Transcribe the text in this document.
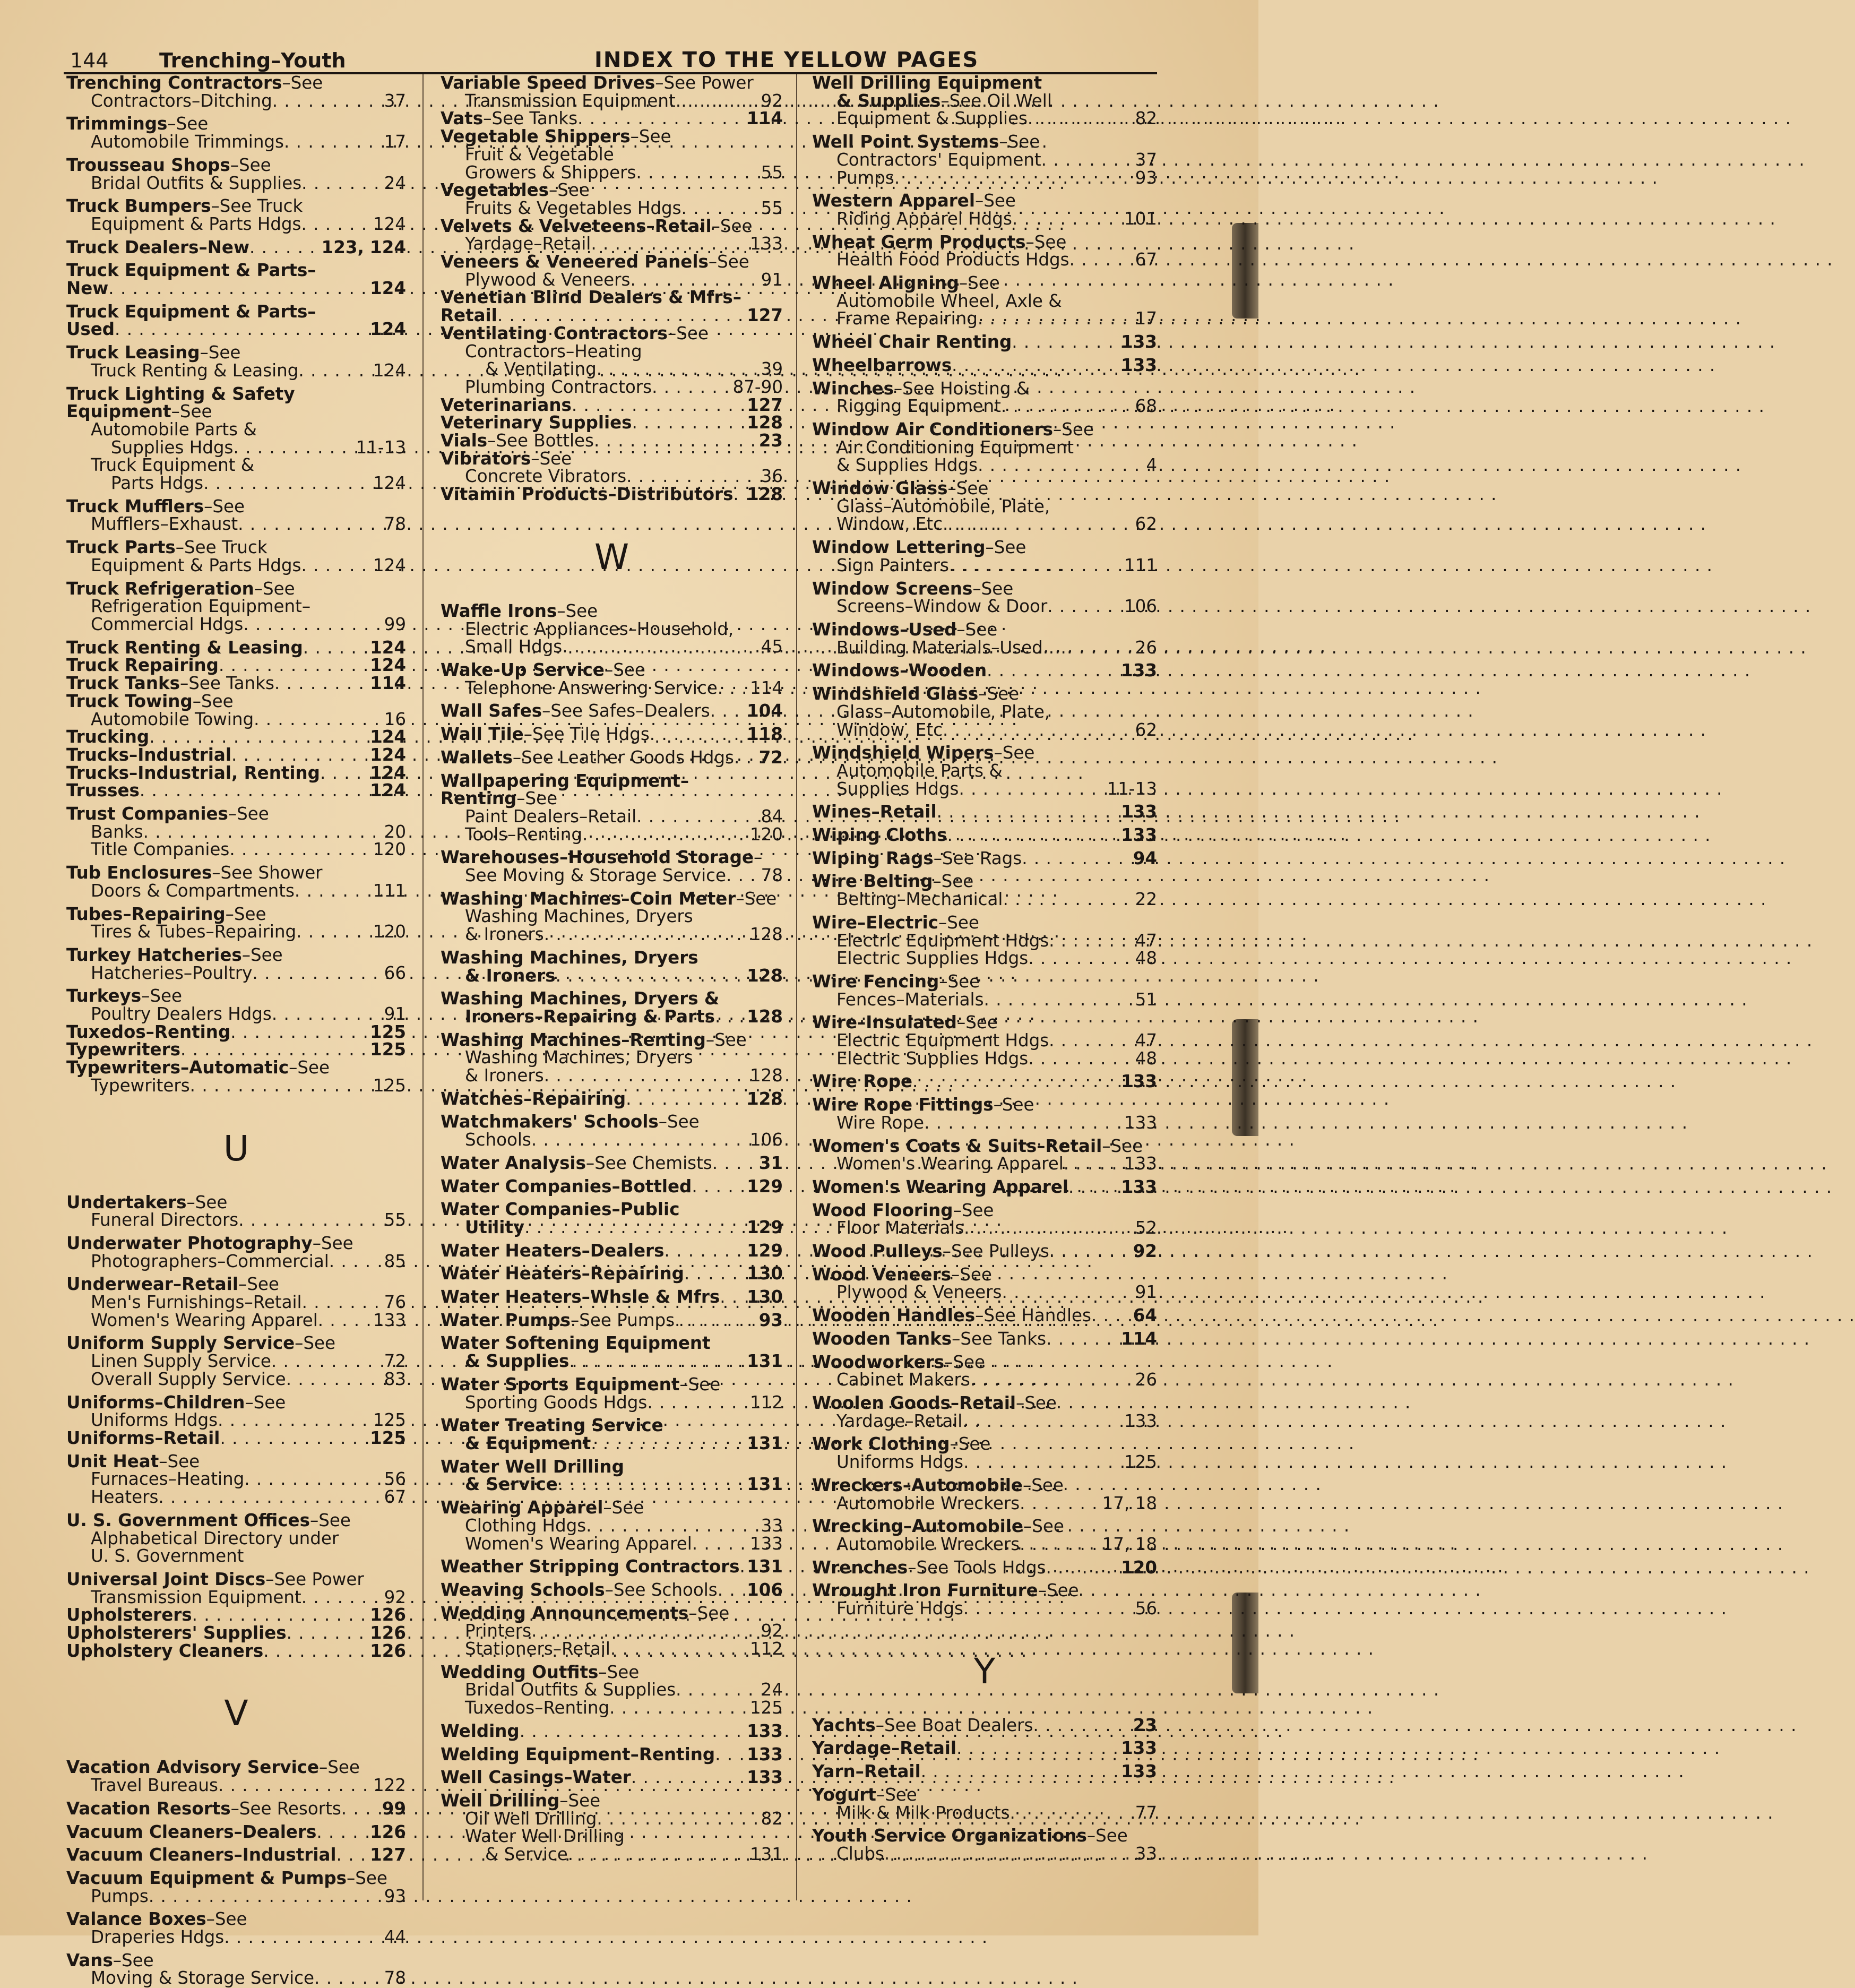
144	Trenching–Youth	INDEX TO THE YELLOW PAGES
Trenching Contractors–See
Contractors–Ditching . . .	37
Trimmings–See
Automobile Trimmings . . .	17
Trousseau Shops–See
Bridal Outfits & Supplies . . .	24
Truck Bumpers–See Truck
Equipment & Parts Hdgs . . .	124
Truck Dealers–New . . .	123, 124
Truck Equipment & Parts–
New . . .	124
Truck Equipment & Parts–
Used . . .	124
Truck Leasing–See
Truck Renting & Leasing . . .	124
Truck Lighting & Safety
Equipment–See
Automobile Parts &
Supplies Hdgs . . .	11-13
Truck Equipment &
Parts Hdgs . . .	124
Truck Mufflers–See
Mufflers–Exhaust . . .	78
Truck Parts–See Truck
Equipment & Parts Hdgs . . .	124
Truck Refrigeration–See
Refrigeration Equipment–
Commercial Hdgs . . .	99
Truck Renting & Leasing . . .	124
Truck Repairing . . .	124
Truck Tanks–See Tanks . . .	114
Truck Towing–See
Automobile Towing . . .	16
Trucking . . .	124
Trucks–Industrial . . .	124
Trucks–Industrial, Renting . . .	124
Trusses . . .	124
Trust Companies–See
Banks . . .	20
Title Companies . . .	120
Tub Enclosures–See Shower
Doors & Compartments . . .	111
Tubes–Repairing–See
Tires & Tubes–Repairing . . .	120
Turkey Hatcheries–See
Hatcheries–Poultry . . .	66
Turkeys–See
Poultry Dealers Hdgs . . .	91
Tuxedos–Renting . . .	125
Typewriters . . .	125
Typewriters–Automatic–See
Typewriters . . .	125
U
Undertakers–See
Funeral Directors . . .	55
Underwater Photography–See
Photographers–Commercial . . .	85
Underwear–Retail–See
Men's Furnishings–Retail . . .	76
Women's Wearing Apparel . . .	133
Uniform Supply Service–See
Linen Supply Service . . .	72
Overall Supply Service . . .	83
Uniforms–Children–See
Uniforms Hdgs . . .	125
Uniforms–Retail . . .	125
Unit Heat–See
Furnaces–Heating . . .	56
Heaters . . .	67
U. S. Government Offices–See
Alphabetical Directory under
U. S. Government
Universal Joint Discs–See Power
Transmission Equipment . . .	92
Upholsterers . . .	126
Upholsterers' Supplies . . .	126
Upholstery Cleaners . . .	126
V
Vacation Advisory Service–See
Travel Bureaus . . .	122
Vacation Resorts–See Resorts . . . 99
Vacuum Cleaners–Dealers . . .	126
Vacuum Cleaners–Industrial . . . 127
Vacuum Equipment & Pumps–See
Pumps . . .	93
Valance Boxes–See
Draperies Hdgs . . .	44
Vans–See
Moving & Storage Service . . .	78
Variable Speed Drives–See Power
Transmission Equipment . . .	92
Vats–See Tanks . . .	114
Vegetable Shippers–See
Fruit & Vegetable
Growers & Shippers . . .	55
Vegetables–See
Fruits & Vegetables Hdgs . . .	55
Velvets & Velveteens–Retail–See
Yardage–Retail . . .	133
Veneers & Veneered Panels–See
Plywood & Veneers . . .	91
Venetian Blind Dealers & Mfrs–
Retail . . .	127
Ventilating Contractors–See
Contractors–Heating
& Ventilating . . .	39
Plumbing Contractors . . .	87-90
Veterinarians . . .	127
Veterinary Supplies . . .	128
Vials–See Bottles . . .	23
Vibrators–See
Concrete Vibrators . . .	36
Vitamin Products–Distributors . . . 128
W
Waffle Irons–See
Electric Appliances–Household,
Small Hdgs . . .	45
Wake-Up Service–See
Telephone Answering Service . . . 114
Wall Safes–See Safes–Dealers . . . 104
Wall Tile–See Tile Hdgs . . .	118
Wallets–See Leather Goods Hdgs . . . 72
Wallpapering Equipment–
Renting–See
Paint Dealers–Retail . . .	84
Tools–Renting . . .	120
Warehouses–Household Storage–
See Moving & Storage Service . . . 78
Washing Machines–Coin Meter–See
Washing Machines, Dryers
& Ironers . . .	128
Washing Machines, Dryers
& Ironers . . .	128
Washing Machines, Dryers &
Ironers–Repairing & Parts . . . 128
Washing Machines–Renting–See
Washing Machines, Dryers
& Ironers . . .	128
Watches–Repairing . . .	128
Watchmakers' Schools–See
Schools . . .	106
Water Analysis–See Chemists . . .	31
Water Companies–Bottled . . .	129
Water Companies–Public
Utility . . .	129
Water Heaters–Dealers . . .	129
Water Heaters–Repairing . . .	130
Water Heaters–Whsle & Mfrs . . . 130
Water Pumps–See Pumps . . .	93
Water Softening Equipment
& Supplies . . .	131
Water Sports Equipment–See
Sporting Goods Hdgs . . .	112
Water Treating Service
& Equipment . . .	131
Water Well Drilling
& Service . . .	131
Wearing Apparel–See
Clothing Hdgs . . .	33
Women's Wearing Apparel . . .	133
Weather Stripping Contractors . . . 131
Weaving Schools–See Schools . . . 106
Wedding Announcements–See
Printers . . .	92
Stationers–Retail . . .	112
Wedding Outfits–See
Bridal Outfits & Supplies . . .	24
Tuxedos–Renting . . .	125
Welding . . .	133
Welding Equipment–Renting . . . 133
Well Casings–Water . . .	133
Well Drilling–See
Oil Well Drilling . . .	82
Water Well Drilling
& Service . . .	131
Well Drilling Equipment
& Supplies–See Oil Well
Equipment & Supplies . . .	82
Well Point Systems–See
Contractors' Equipment . . .	37
Pumps . . .	93
Western Apparel–See
Riding Apparel Hdgs . . .	101
Wheat Germ Products–See
Health Food Products Hdgs . . .	67
Wheel Aligning–See
Automobile Wheel, Axle &
Frame Repairing . . .	17
Wheel Chair Renting . . .	133
Wheelbarrows . . .	133
Winches–See Hoisting &
Rigging Equipment . . .	68
Window Air Conditioners–See
Air Conditioning Equipment
& Supplies Hdgs . . .	4
Window Glass–See
Glass–Automobile, Plate,
Window, Etc . . .	62
Window Lettering–See
Sign Painters . . .	111
Window Screens–See
Screens–Window & Door . . .	106
Windows–Used–See
Building Materials–Used . . .	26
Windows–Wooden . . .	133
Windshield Glass–See
Glass–Automobile, Plate,
Window, Etc . . .	62
Windshield Wipers–See
Automobile Parts &
Supplies Hdgs . . .	11-13
Wines–Retail . . .	133
Wiping Cloths . . .	133
Wiping Rags–See Rags . . .	94
Wire Belting–See
Belting–Mechanical . . .	22
Wire–Electric–See
Electric Equipment Hdgs . . .	47
Electric Supplies Hdgs . . .	48
Wire Fencing–See
Fences–Materials . . .	51
Wire–Insulated–See
Electric Equipment Hdgs . . .	47
Electric Supplies Hdgs . . .	48
Wire Rope . . .	133
Wire Rope Fittings–See
Wire Rope . . .	133
Women's Coats & Suits–Retail–See
Women's Wearing Apparel . . .	133
Women's Wearing Apparel . . .	133
Wood Flooring–See
Floor Materials . . .	52
Wood Pulleys–See Pulleys . . .	92
Wood Veneers–See
Plywood & Veneers . . .	91
Wooden Handles–See Handles . . . 64
Wooden Tanks–See Tanks . . .	114
Woodworkers–See
Cabinet Makers . . .	26
Woolen Goods–Retail–See
Yardage–Retail . . .	133
Work Clothing–See
Uniforms Hdgs . . .	125
Wreckers–Automobile–See
Automobile Wreckers . . .	17, 18
Wrecking–Automobile–See
Automobile Wreckers . . .	17, 18
Wrenches–See Tools Hdgs . . .	120
Wrought Iron Furniture–See
Furniture Hdgs . . .	56
Y
Yachts–See Boat Dealers . . .	23
Yardage–Retail . . .	133
Yarn–Retail . . .	133
Yogurt–See
Milk & Milk Products . . .	77
Youth Service Organizations–See
Clubs . . .	33
